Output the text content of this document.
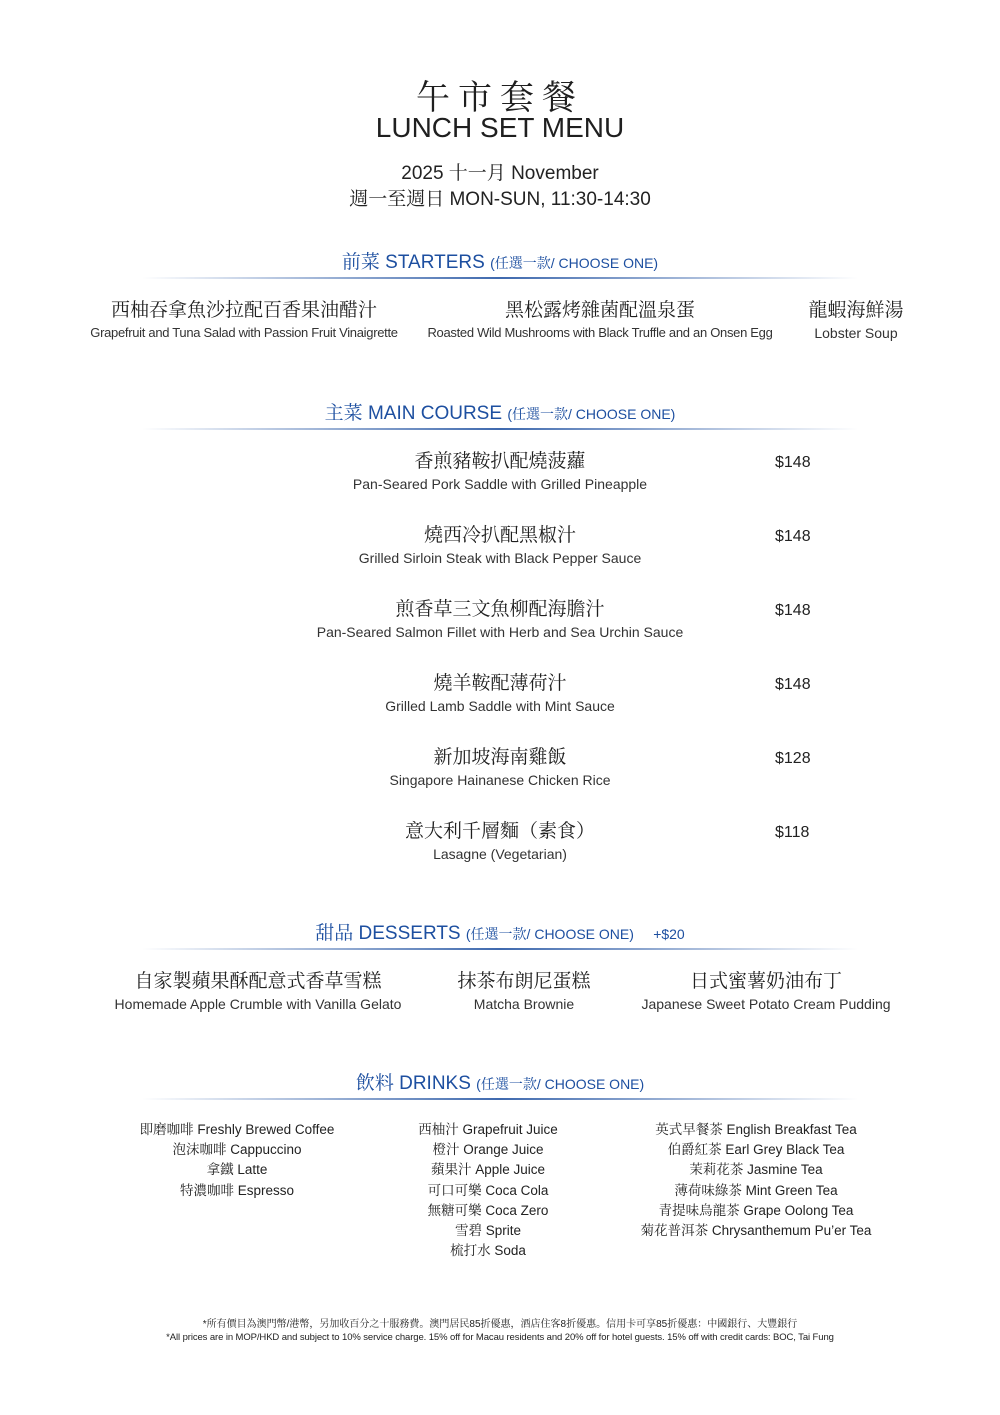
午市套餐
LUNCH SET MENU
2025 十一月 November
週一至週日 MON-SUN, 11:30-14:30
前菜 STARTERS (任選一款/ CHOOSE ONE)
西柚吞拿魚沙拉配百香果油醋汁
Grapefruit and Tuna Salad with Passion Fruit Vinaigrette
黑松露烤雜菌配溫泉蛋
Roasted Wild Mushrooms with Black Truffle and an Onsen Egg
龍蝦海鮮湯
Lobster Soup
主菜 MAIN COURSE (任選一款/ CHOOSE ONE)
香煎豬鞍扒配燒菠蘿
Pan-Seared Pork Saddle with Grilled Pineapple
$148
燒西冷扒配黑椒汁
Grilled Sirloin Steak with Black Pepper Sauce
$148
煎香草三文魚柳配海膽汁
Pan-Seared Salmon Fillet with Herb and Sea Urchin Sauce
$148
燒羊鞍配薄荷汁
Grilled Lamb Saddle with Mint Sauce
$148
新加坡海南雞飯
Singapore Hainanese Chicken Rice
$128
意大利千層麵（素食）
Lasagne (Vegetarian)
$118
甜品 DESSERTS (任選一款/ CHOOSE ONE) +$20
自家製蘋果酥配意式香草雪糕
Homemade Apple Crumble with Vanilla Gelato
抹茶布朗尼蛋糕
Matcha Brownie
日式蜜薯奶油布丁
Japanese Sweet Potato Cream Pudding
飲料 DRINKS (任選一款/ CHOOSE ONE)
即磨咖啡 Freshly Brewed Coffee
泡沫咖啡 Cappuccino
拿鐵 Latte
特濃咖啡 Espresso
西柚汁 Grapefruit Juice
橙汁 Orange Juice
蘋果汁 Apple Juice
可口可樂 Coca Cola
無糖可樂 Coca Zero
雪碧 Sprite
梳打水 Soda
英式早餐茶 English Breakfast Tea
伯爵紅茶 Earl Grey Black Tea
茉莉花茶 Jasmine Tea
薄荷味綠茶 Mint Green Tea
青提味烏龍茶 Grape Oolong Tea
菊花普洱茶 Chrysanthemum Pu’er Tea
*所有價目為澳門幣/港幣，另加收百分之十服務費。澳門居民85折優惠，酒店住客8折優惠。信用卡可享85折優惠：中國銀行、大豐銀行
*All prices are in MOP/HKD and subject to 10% service charge. 15% off for Macau residents and 20% off for hotel guests. 15% off with credit cards: BOC, Tai Fung
